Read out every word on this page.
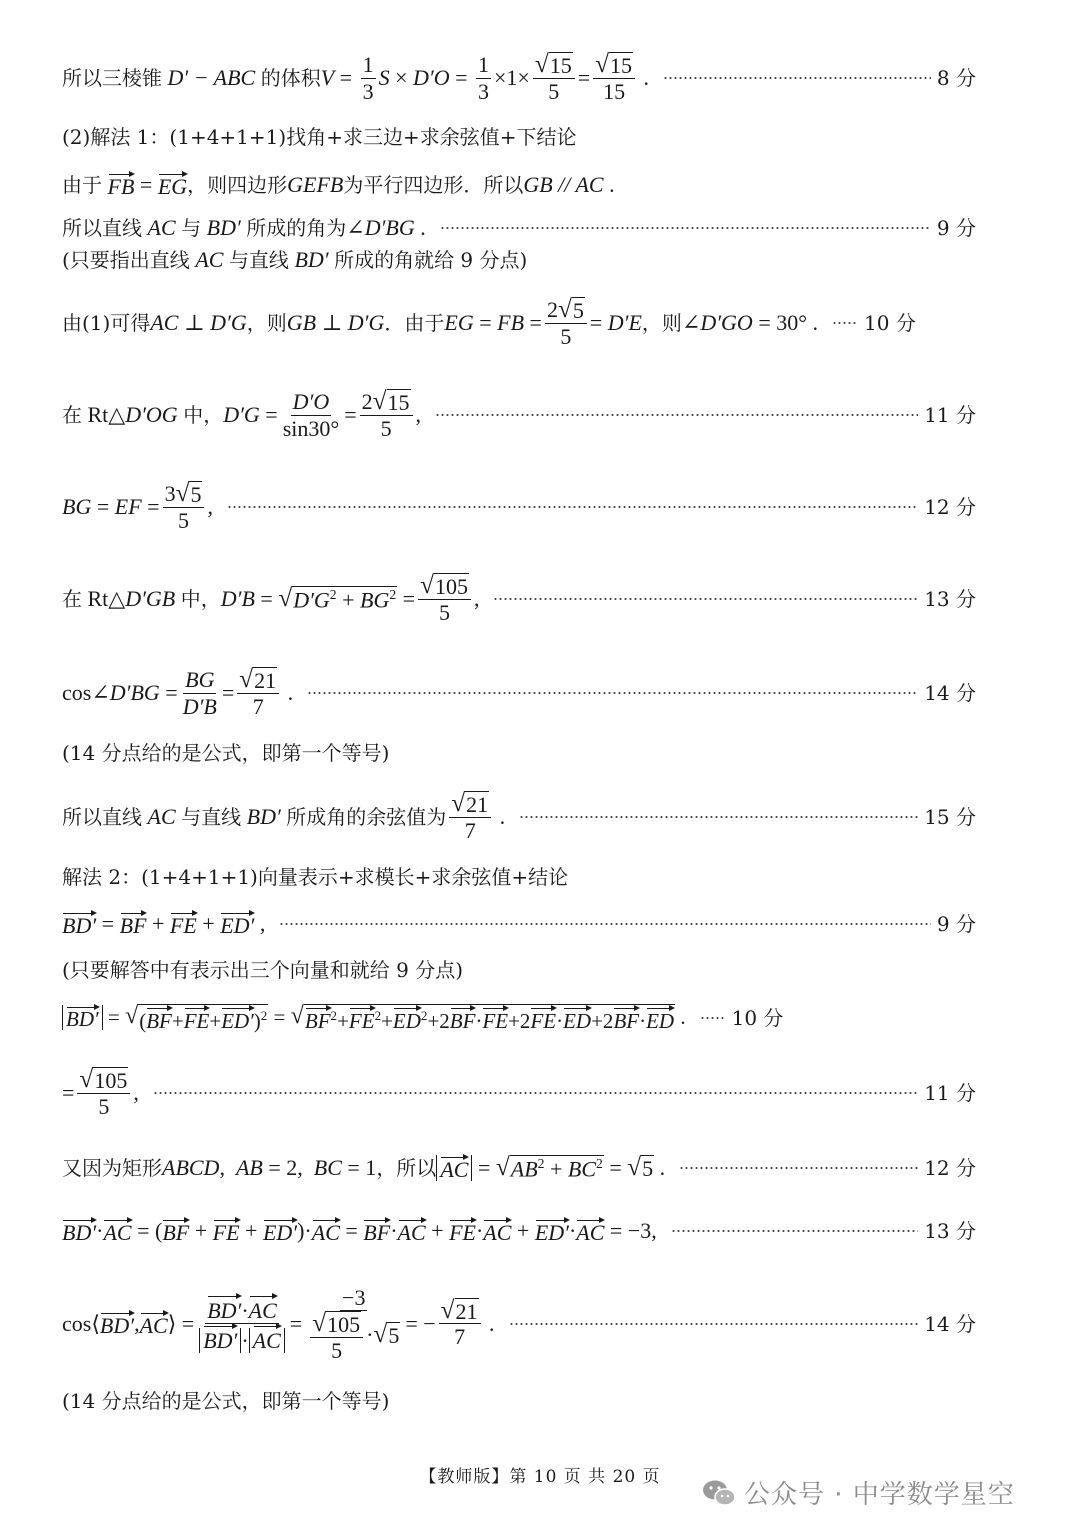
所以三棱锥 D′ − ABC 的体积 $V = \frac{1}{3}$ $S \times D'O = \frac{1}{3} \times 1\times \frac{√ 15}{5} = \frac{√ 15}{15}$ .	8 分
(2)解法 1：(1+4+1+1)找角+求三边+求余弦值+下结论
由于
FB = EG ，则四边形 GEFB 为平行四边形．所以 GB // AC .
所以直线 AC 与 BD′ 所成的角为 ∠ D′BG .	9 分
(只要指出直线 AC 与直线 BD′ 所成的角就给 9 分点)
由(1)可得 AC ⊥ D′G ，则 GB ⊥ D′G ．由于 EG = FB = $\frac{2 √ 5}{5} = D'E$ ，则 ∠ D′GO = 30° . 10 分
在 Rt△ D′OG
中， $D'G = \frac{D'O}{\sin 30^\circ} = \frac{2 √ 15}{5}$ ,	11 分
BG = EF = $\frac{3 √ 5}{5}$ ,	12 分
在 Rt△ D′GB
中， D′B = √ $D'G^2 + BG^2 = \frac{√ 105}{5}$ ,	13 分
cos∠ $D'BG = \frac{BG}{D'B} = \frac{√ 21}{7}$ .	14 分
(14 分点给的是公式，即第一个等号)
所以直线 AC 与直线 BD′ 所成角的余弦值为 $\frac{√ 21}{7}$ .	15 分
解法 2：(1+4+1+1)向量表示+求模长+求余弦值+结论
BD′ = BF + FE + ED′ ,	9 分
(只要解答中有表示出三个向量和就给 9 分点)
BD′ = √ $(BF+FE+ED')^2$ = √ $BF^2+FE^2+ED^2+2BF\cdot FE+2FE\cdot ED+2BF\cdot ED$ . 10 分
= $\frac{√ 105}{5}$ ,	11 分
又因为矩形 ABCD , AB = 2, BC = 1 ，所以 AC = √ $AB^2 + BC^2$ = √ 5 .	12 分
BD′ · AC = ( BF + FE + ED′ )· AC = BF · AC + FE · AC + ED′ · AC = −3,	13 分
cos⟨ BD′ , AC ⟩ = $\frac{BD'\cdot AC}{BD' \cdot AC} = \frac{-3}{\frac{√ 105}{5} \cdot √ 5}$ = − $\frac{√ 21}{7}$ .	14 分
(14 分点给的是公式，即第一个等号)
【教师版】第 10 页 共 20 页
公众号 · 中学数学星空
